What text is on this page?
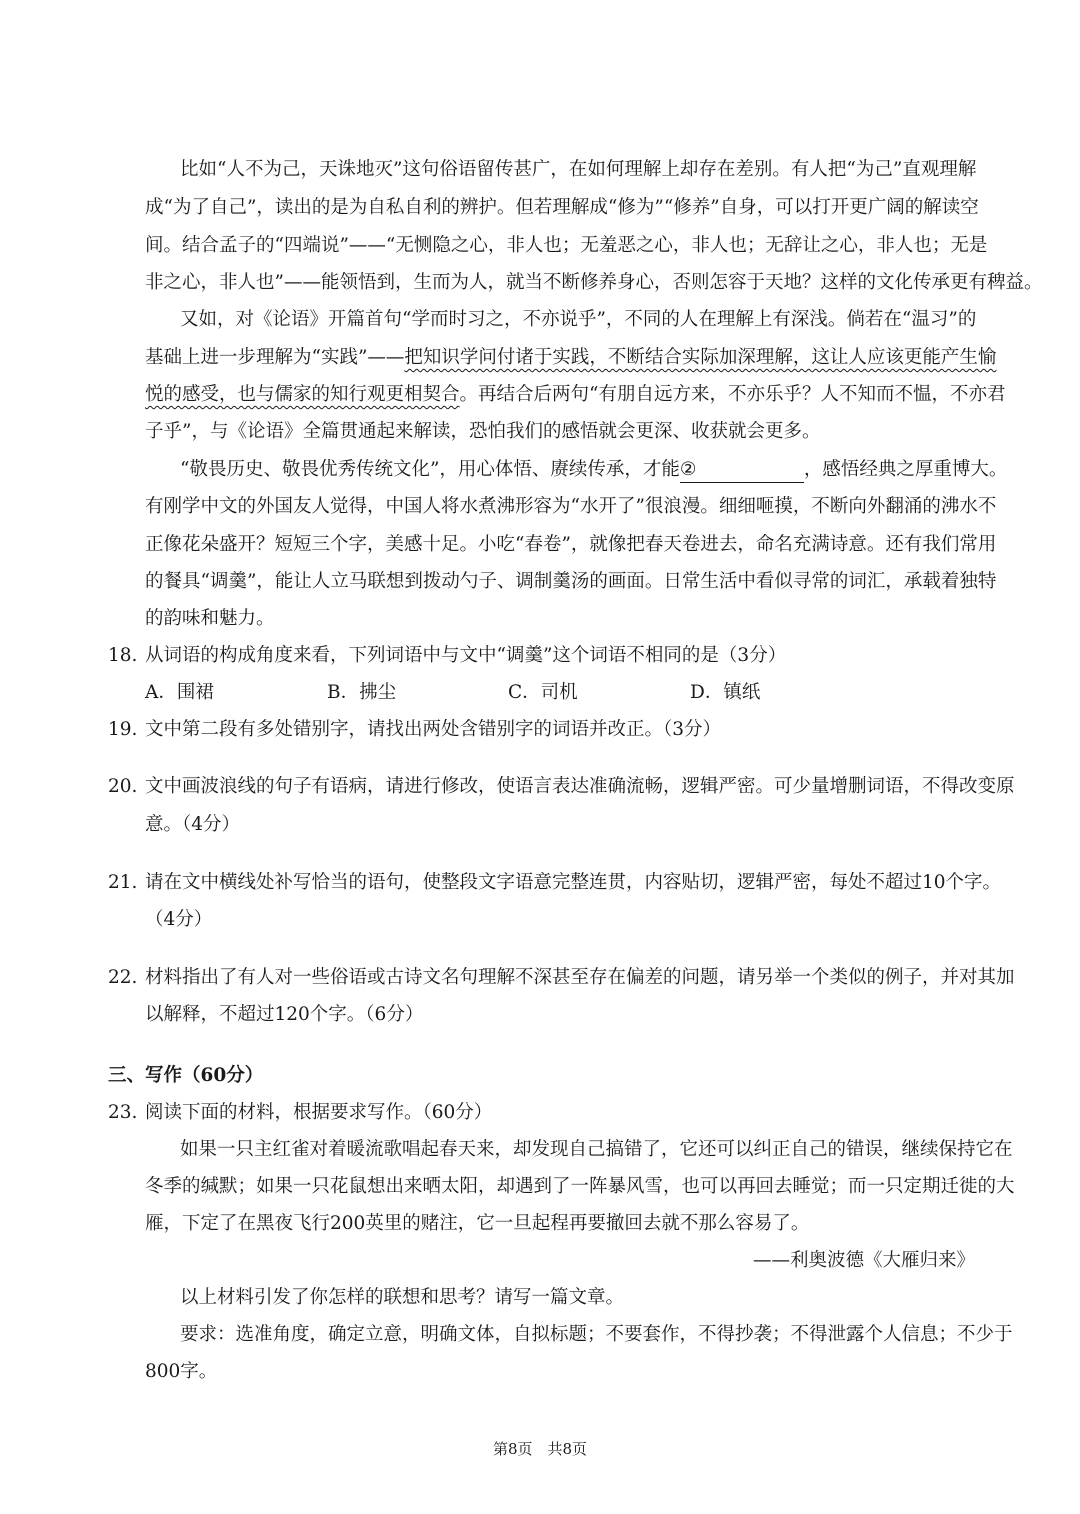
比如“人不为己，天诛地灭”这句俗语留传甚广，在如何理解上却存在差别。有人把“为己”直观理解
成“为了自己”，读出的是为自私自利的辨护。但若理解成“修为”“修养”自身，可以打开更广阔的解读空
间。结合孟子的“四端说”——“无恻隐之心，非人也；无羞恶之心，非人也；无辞让之心，非人也；无是
非之心，非人也”——能领悟到，生而为人，就当不断修养身心，否则怎容于天地？这样的文化传承更有稗益。
又如，对《论语》开篇首句“学而时习之，不亦说乎”，不同的人在理解上有深浅。倘若在“温习”的
基础上进一步理解为“实践”——把知识学问付诸于实践，不断结合实际加深理解，这让人应该更能产生愉
悦的感受，也与儒家的知行观更相契合。再结合后两句“有朋自远方来，不亦乐乎？人不知而不愠，不亦君
子乎”，与《论语》全篇贯通起来解读，恐怕我们的感悟就会更深、收获就会更多。
“敬畏历史、敬畏优秀传统文化”，用心体悟、赓续传承，才能②	，感悟经典之厚重博大。
有刚学中文的外国友人觉得，中国人将水煮沸形容为“水开了”很浪漫。细细咂摸，不断向外翻涌的沸水不
正像花朵盛开？短短三个字，美感十足。小吃“春卷”，就像把春天卷进去，命名充满诗意。还有我们常用
的餐具“调羹”，能让人立马联想到拨动勺子、调制羹汤的画面。日常生活中看似寻常的词汇，承载着独特
的韵味和魅力。
18. 从词语的构成角度来看，下列词语中与文中“调羹”这个词语不相同的是（3分）
A．围裙	B．拂尘	C．司机	D．镇纸
19. 文中第二段有多处错别字，请找出两处含错别字的词语并改正。（3分）
20. 文中画波浪线的句子有语病，请进行修改，使语言表达准确流畅，逻辑严密。可少量增删词语，不得改变原
意。（4分）
21. 请在文中横线处补写恰当的语句，使整段文字语意完整连贯，内容贴切，逻辑严密，每处不超过10个字。
（4分）
22. 材料指出了有人对一些俗语或古诗文名句理解不深甚至存在偏差的问题，请另举一个类似的例子，并对其加
以解释，不超过120个字。（6分）
三、写作（60分）
23. 阅读下面的材料，根据要求写作。（60分）
如果一只主红雀对着暖流歌唱起春天来，却发现自己搞错了，它还可以纠正自己的错误，继续保持它在
冬季的缄默；如果一只花鼠想出来晒太阳，却遇到了一阵暴风雪，也可以再回去睡觉；而一只定期迁徙的大
雁，下定了在黑夜飞行200英里的赌注，它一旦起程再要撤回去就不那么容易了。
——利奥波德《大雁归来》
以上材料引发了你怎样的联想和思考？请写一篇文章。
要求：选准角度，确定立意，明确文体，自拟标题；不要套作，不得抄袭；不得泄露个人信息；不少于
800字。
第8页　共8页
